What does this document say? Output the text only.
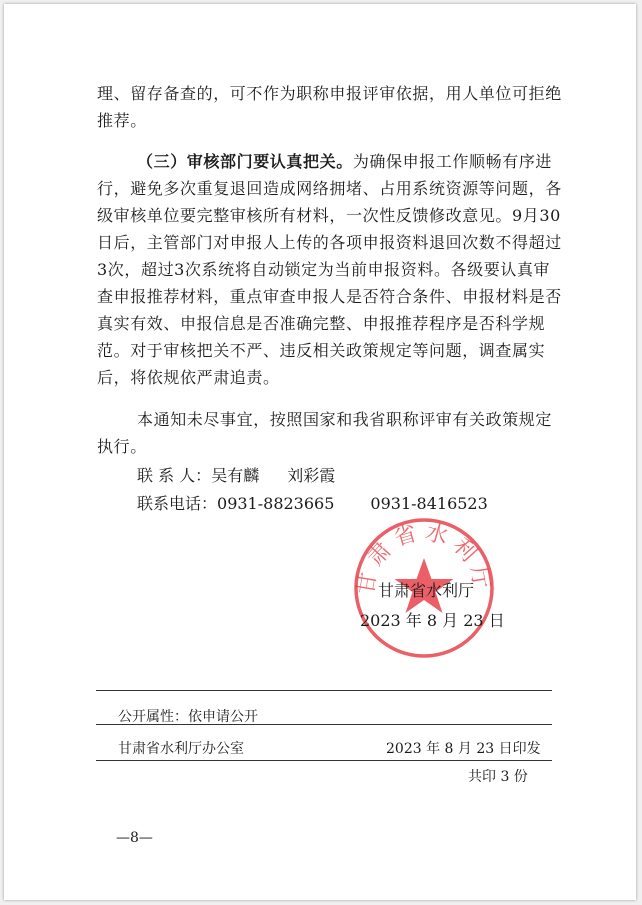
理、留存备查的，可不作为职称申报评审依据，用人单位可拒绝推荐。

（三）审核部门要认真把关。为确保申报工作顺畅有序进行，避免多次重复退回造成网络拥堵、占用系统资源等问题，各级审核单位要完整审核所有材料，一次性反馈修改意见。9月30日后，主管部门对申报人上传的各项申报资料退回次数不得超过3次，超过3次系统将自动锁定为当前申报资料。各级要认真审查申报推荐材料，重点审查申报人是否符合条件、申报材料是否真实有效、申报信息是否准确完整、申报推荐程序是否科学规范。对于审核把关不严、违反相关政策规定等问题，调查属实后，将依规依严肃追责。

本通知未尽事宜，按照国家和我省职称评审有关政策规定执行。

联 系 人：吴有麟 刘彩霞
联系电话：0931-8823665 0931-8416523
甘肃省水利厅
甘肃省水利厅
2023 年 8 月 23 日
公开属性：依申请公开
甘肃省水利厅办公室	2023 年 8 月 23 日印发
共印 3 份
—8—
